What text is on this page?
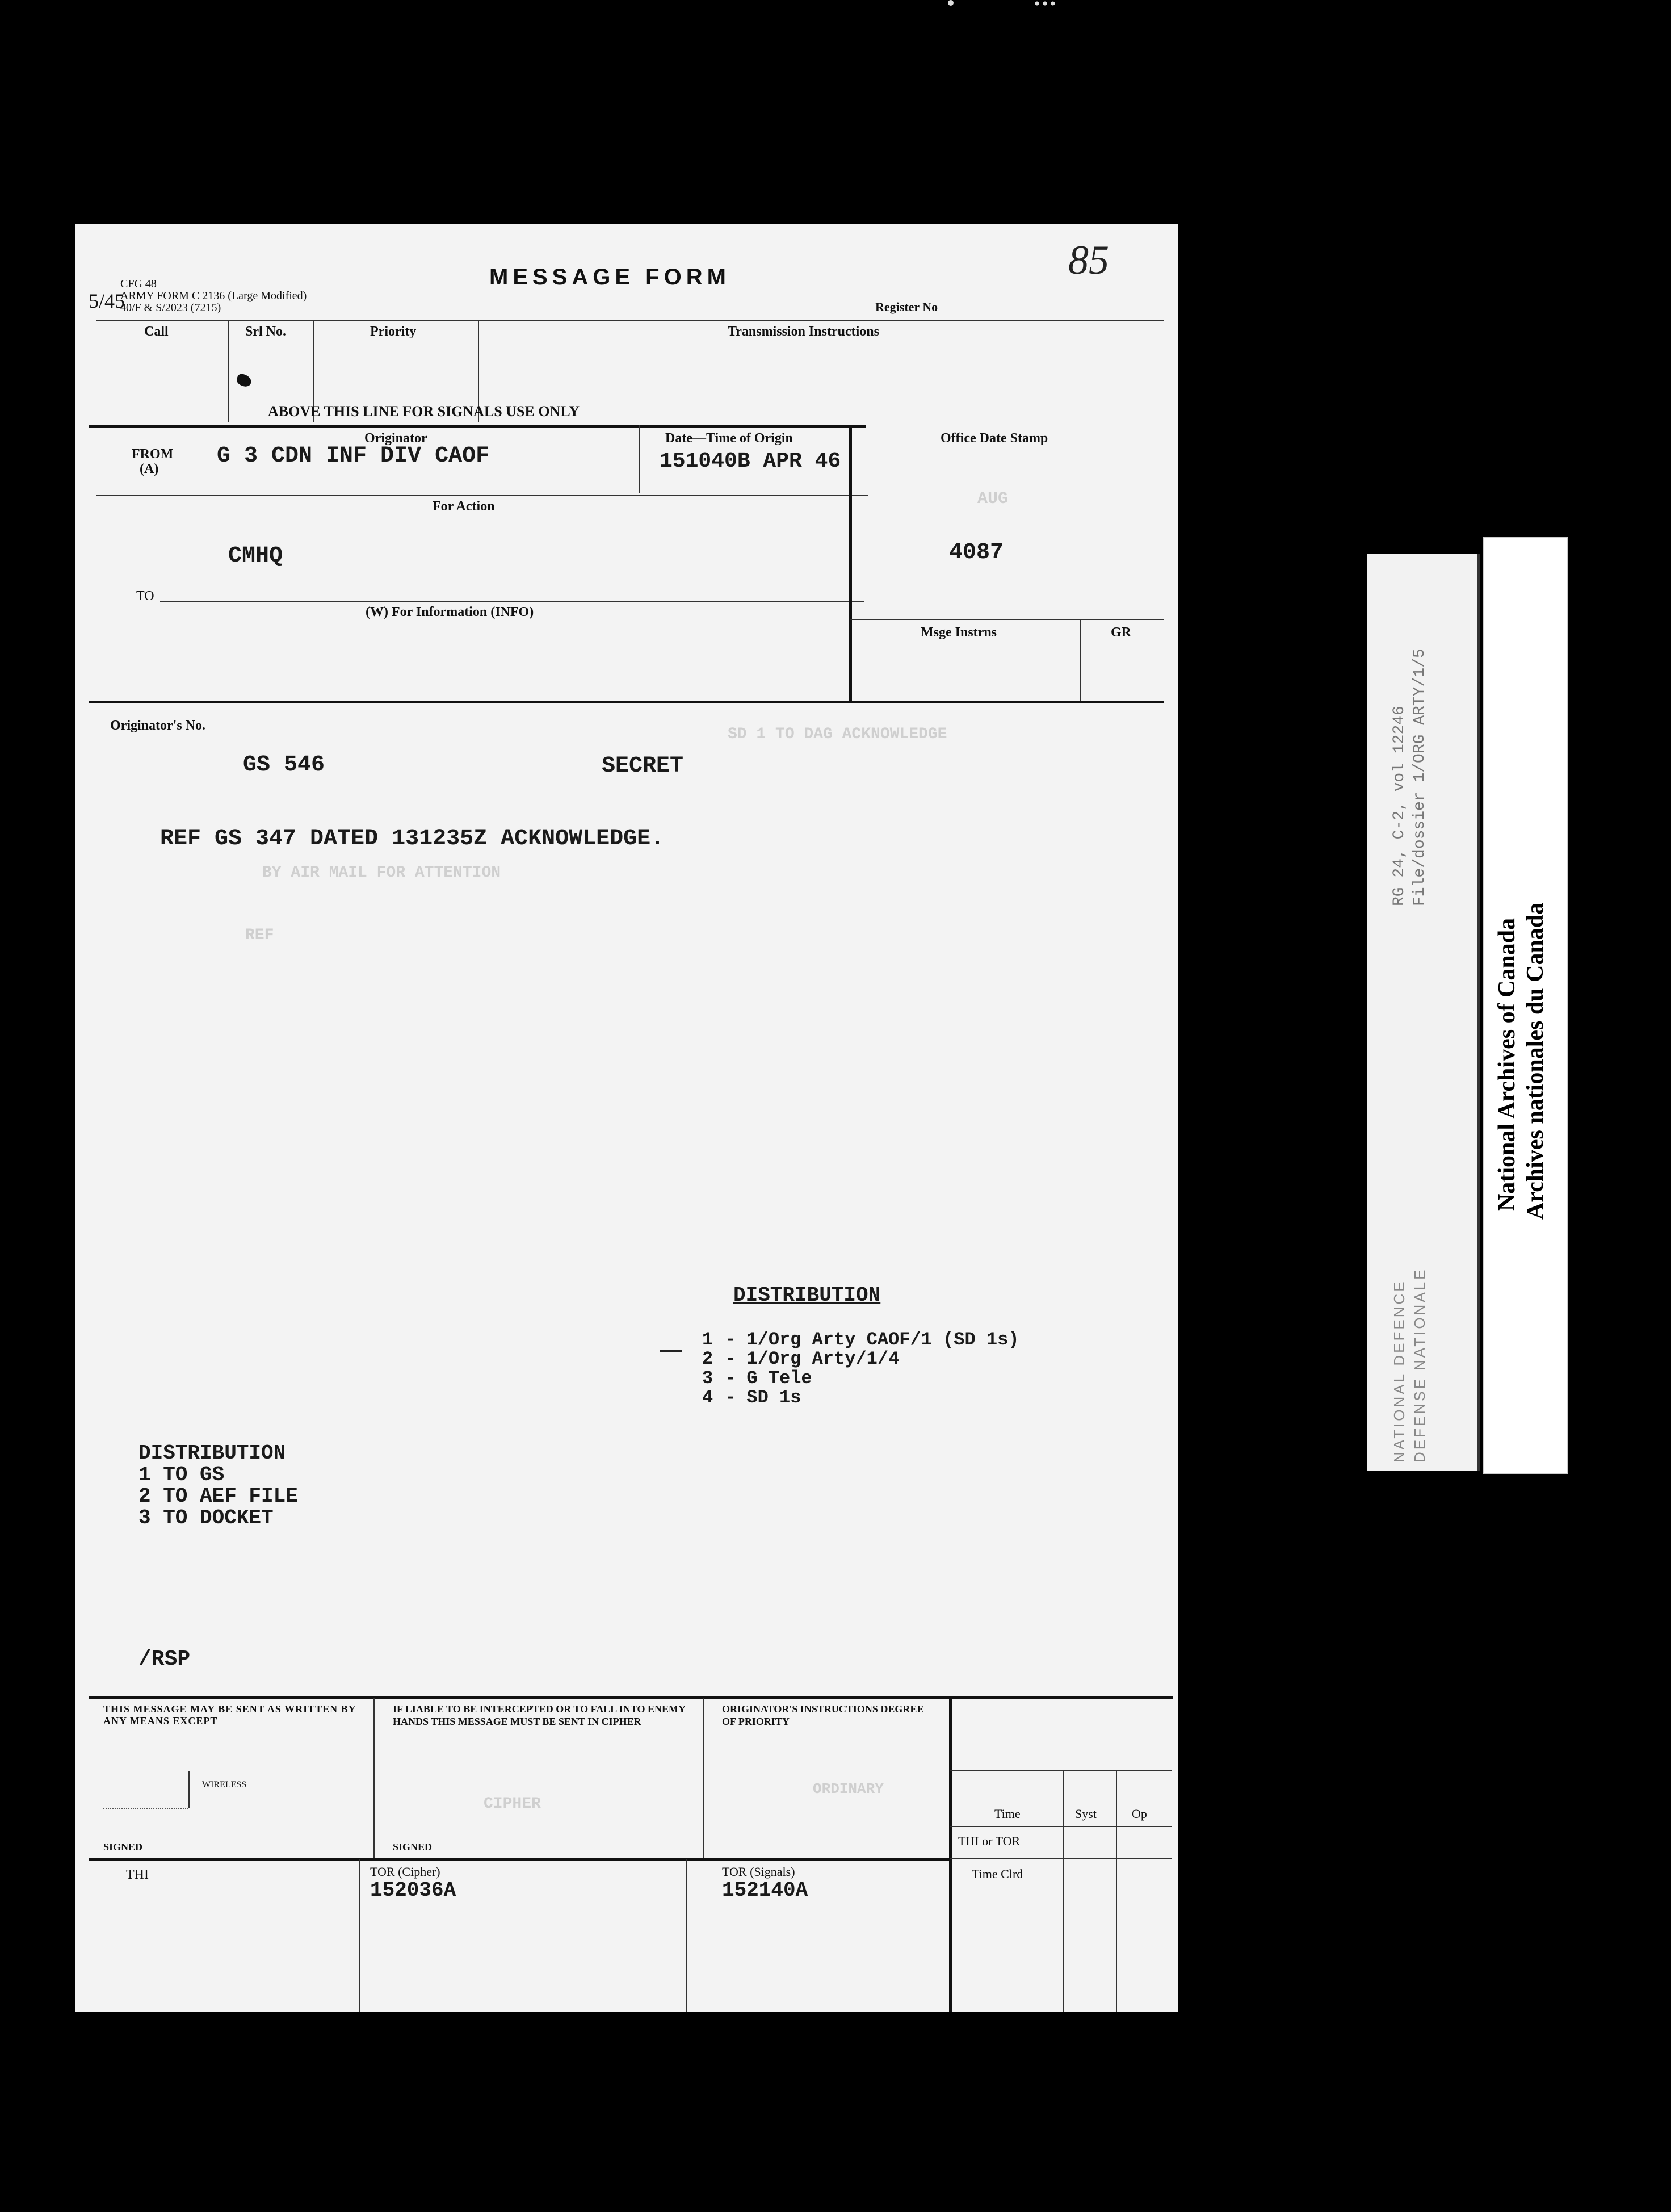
5/45
CFG 48
ARMY FORM C 2136 (Large Modified)
40/F & S/2023 (7215)
MESSAGE FORM	85
Register No
Call	Srl No.	Priority	Transmission Instructions
ABOVE THIS LINE FOR SIGNALS USE ONLY
Originator	Date—Time of Origin
FROM
(A)	G 3 CDN INF DIV CAOF	151040B APR 46
For Action
CMHQ
TO
(W) For Information (INFO)
Office Date Stamp
AUG
4087
Msge Instrns	GR
Originator's No.
GS 546	SECRET
SD 1 TO DAG ACKNOWLEDGE
REF GS 347 DATED 131235Z ACKNOWLEDGE.
BY AIR MAIL FOR ATTENTION
REF
DISTRIBUTION
1 - 1/Org Arty CAOF/1 (SD 1s)
2 - 1/Org Arty/1/4
3 - G Tele
4 - SD 1s
DISTRIBUTION
1 TO GS
2 TO AEF FILE
3 TO DOCKET
/RSP
THIS MESSAGE MAY BE SENT AS WRITTEN BY ANY MEANS EXCEPT
WIRELESS
SIGNED
IF LIABLE TO BE INTERCEPTED OR TO FALL INTO ENEMY HANDS THIS MESSAGE MUST BE SENT IN CIPHER
SIGNED
CIPHER
ORIGINATOR'S INSTRUCTIONS DEGREE OF PRIORITY
ORDINARY
Time	Syst	Op
THI or TOR
Time Clrd
THI	TOR (Cipher)
152036A
TOR (Signals)
152140A
RG 24, C-2, vol 12246 File/dossier 1/ORG ARTY/1/5
NATIONAL DEFENCE DEFENSE NATIONALE
National Archives of Canada Archives nationales du Canada
